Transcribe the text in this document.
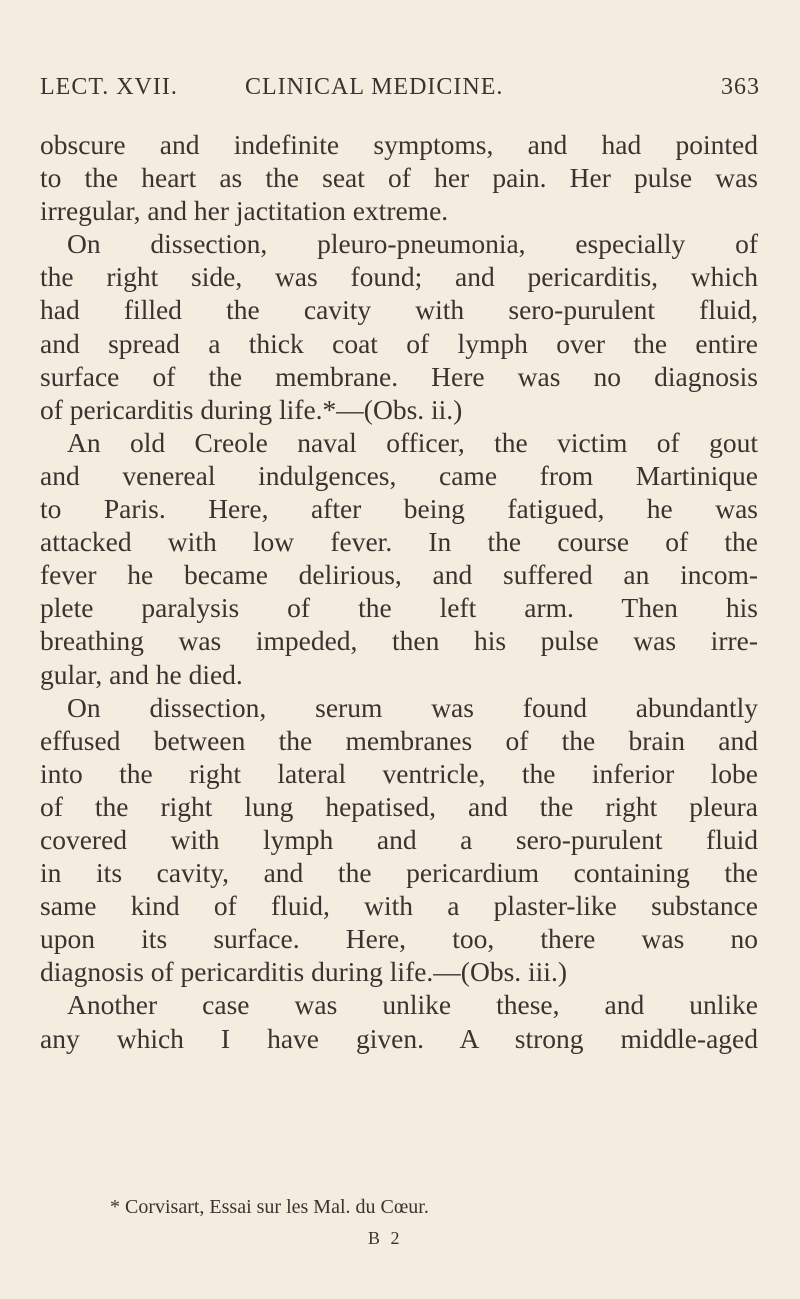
LECT. XVII.	CLINICAL MEDICINE.	363
obscure and indefinite symptoms, and had pointed
to the heart as the seat of her pain. Her pulse was
irregular, and her jactitation extreme.
On dissection, pleuro-pneumonia, especially of
the right side, was found; and pericarditis, which
had filled the cavity with sero-purulent fluid,
and spread a thick coat of lymph over the entire
surface of the membrane. Here was no diagnosis
of pericarditis during life.*—(Obs. ii.)
An old Creole naval officer, the victim of gout
and venereal indulgences, came from Martinique
to Paris. Here, after being fatigued, he was
attacked with low fever. In the course of the
fever he became delirious, and suffered an incom-
plete paralysis of the left arm. Then his
breathing was impeded, then his pulse was irre-
gular, and he died.
On dissection, serum was found abundantly
effused between the membranes of the brain and
into the right lateral ventricle, the inferior lobe
of the right lung hepatised, and the right pleura
covered with lymph and a sero-purulent fluid
in its cavity, and the pericardium containing the
same kind of fluid, with a plaster-like substance
upon its surface. Here, too, there was no
diagnosis of pericarditis during life.—(Obs. iii.)
Another case was unlike these, and unlike
any which I have given. A strong middle-aged
* Corvisart, Essai sur les Mal. du Cœur.
B 2
